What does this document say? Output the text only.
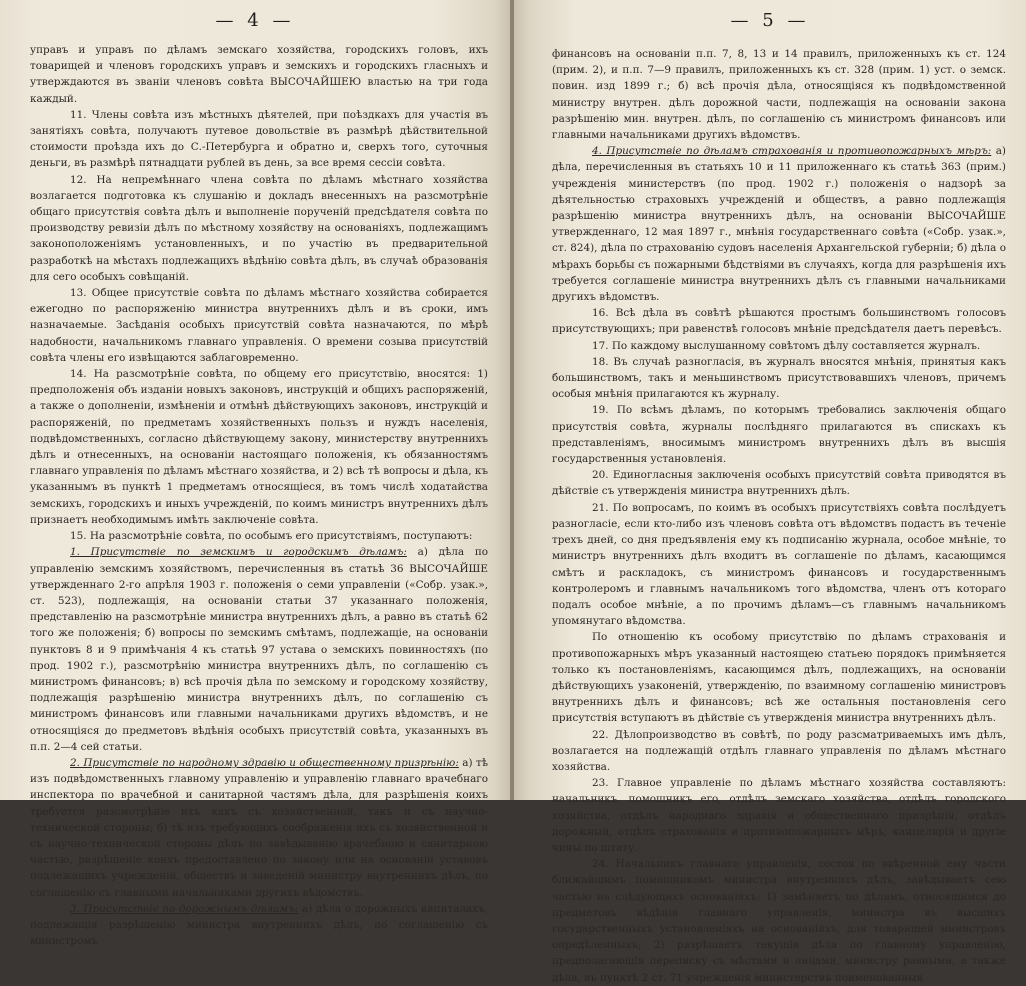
— 4 —

управъ и управъ по дѣламъ земскаго хозяйства, городскихъ головъ, ихъ товарищей и членовъ городскихъ управъ и земскихъ и городскихъ гласныхъ и утверждаются въ званіи членовъ совѣта ВЫСОЧАЙШЕЮ властью на три года каждый.

11. Члены совѣта изъ мѣстныхъ дѣятелей, при поѣздкахъ для участія въ занятіяхъ совѣта, получаютъ путевое довольствіе въ размѣрѣ дѣйствительной стоимости проѣзда ихъ до С.-Петербурга и обратно и, сверхъ того, суточныя деньги, въ размѣрѣ пятнадцати рублей въ день, за все время сессіи совѣта.

12. На непремѣннаго члена совѣта по дѣламъ мѣстнаго хозяйства возлагается подготовка къ слушанію и докладъ внесенныхъ на разсмотрѣніе общаго присутствія совѣта дѣлъ и выполненіе порученій предсѣдателя совѣта по производству ревизіи дѣлъ по мѣстному хозяйству на основаніяхъ, подлежащимъ законоположеніямъ установленныхъ, и по участію въ предварительной разработкѣ на мѣстахъ подлежащихъ вѣдѣнію совѣта дѣлъ, въ случаѣ образованія для сего особыхъ совѣщаній.

13. Общее присутствіе совѣта по дѣламъ мѣстнаго хозяйства собирается ежегодно по распоряженію министра внутреннихъ дѣлъ и въ сроки, имъ назначаемые. Засѣданія особыхъ присутствій совѣта назначаются, по мѣрѣ надобности, начальникомъ главнаго управленія. О времени созыва присутствій совѣта члены его извѣщаются заблаговременно.

14. На разсмотрѣніе совѣта, по общему его присутствію, вносятся: 1) предположенія объ изданіи новыхъ законовъ, инструкцій и общихъ распоряженій, а также о дополненіи, измѣненіи и отмѣнѣ дѣйствующихъ законовъ, инструкцій и распоряженій, по предметамъ хозяйственныхъ пользъ и нуждъ населенія, подвѣдомственныхъ, согласно дѣйствующему закону, министерству внутреннихъ дѣлъ и отнесенныхъ, на основаніи настоящаго положенія, къ обязанностямъ главнаго управленія по дѣламъ мѣстнаго хозяйства, и 2) всѣ тѣ вопросы и дѣла, къ указаннымъ въ пунктѣ 1 предметамъ относящіеся, въ томъ числѣ ходатайства земскихъ, городскихъ и иныхъ учрежденій, по коимъ министръ внутреннихъ дѣлъ признаетъ необходимымъ имѣть заключеніе совѣта.

15. На разсмотрѣніе совѣта, по особымъ его присутствіямъ, поступаютъ:

1. Присутствіе по земскимъ и городскимъ дѣламъ: а) дѣла по управленію земскимъ хозяйствомъ, перечисленныя въ статьѣ 36 ВЫСОЧАЙШЕ утвержденнаго 2-го апрѣля 1903 г. положенія о семи управленіи («Собр. узак.», ст. 523), подлежащія, на основаніи статьи 37 указаннаго положенія, представленію на разсмотрѣніе министра внутреннихъ дѣлъ, а равно въ статьѣ 62 того же положенія; б) вопросы по земскимъ смѣтамъ, подлежащіе, на основаніи пунктовъ 8 и 9 примѣчанія 4 къ статьѣ 97 устава о земскихъ повинностяхъ (по прод. 1902 г.), разсмотрѣнію министра внутреннихъ дѣлъ, по соглашенію съ министромъ финансовъ; в) всѣ прочія дѣла по земскому и городскому хозяйству, подлежащія разрѣшенію министра внутреннихъ дѣлъ, по соглашенію съ министромъ финансовъ или главными начальниками другихъ вѣдомствъ, и не относящіяся до предметовъ вѣдѣнія особыхъ присутствій совѣта, указанныхъ въ п.п. 2—4 сей статьи.

2. Присутствіе по народному здравію и общественному призрѣнію: а) тѣ изъ подвѣдомственныхъ главному управленію и управленію главнаго врачебнаго инспектора по врачебной и санитарной частямъ дѣла, для разрѣшенія коихъ требуется разсмотрѣніе ихъ какъ съ хозяйственной, такъ и съ научно-технической стороны; б) тѣ изъ требующихъ соображенія ихъ съ хозяйственной и съ научно-технической стороны дѣлъ по завѣдыванію врачебною и санитарною частью, разрѣшеніе коихъ предоставлено по закону или на основаніи уставовъ подлежащихъ учрежденій, обществъ и заведеній министру внутреннихъ дѣлъ, по соглашенію съ главными начальниками другихъ вѣдомствъ.

3. Присутствіе по дорожнымъ дѣламъ: а) дѣла о дорожныхъ капиталахъ, подлежащія разрѣшенію министра внутреннихъ дѣлъ, по соглашенію съ министромъ

— 5 —

финансовъ на основаніи п.п. 7, 8, 13 и 14 правилъ, приложенныхъ къ ст. 124 (прим. 2), и п.п. 7—9 правилъ, приложенныхъ къ ст. 328 (прим. 1) уст. о земск. повин. изд 1899 г.; б) всѣ прочія дѣла, относящіяся къ подвѣдомственной министру внутрен. дѣлъ дорожной части, подлежащія на основаніи закона разрѣшенію мин. внутрен. дѣлъ, по соглашенію съ министромъ финансовъ или главными начальниками другихъ вѣдомствъ.

4. Присутствіе по дѣламъ страхованія и противопожарныхъ мѣръ: а) дѣла, перечисленныя въ статьяхъ 10 и 11 приложеннаго къ статьѣ 363 (прим.) учрежденія министерствъ (по прод. 1902 г.) положенія о надзорѣ за дѣятельностью страховыхъ учрежденій и обществъ, а равно подлежащія разрѣшенію министра внутреннихъ дѣлъ, на основаніи ВЫСОЧАЙШЕ утвержденнаго, 12 мая 1897 г., мнѣнія государственнаго совѣта («Собр. узак.», ст. 824), дѣла по страхованію судовъ населенія Архангельской губерніи; б) дѣла о мѣрахъ борьбы съ пожарными бѣдствіями въ случаяхъ, когда для разрѣшенія ихъ требуется соглашеніе министра внутреннихъ дѣлъ съ главными начальниками другихъ вѣдомствъ.

16. Всѣ дѣла въ совѣтѣ рѣшаются простымъ большинствомъ голосовъ присутствующихъ; при равенствѣ голосовъ мнѣніе предсѣдателя даетъ перевѣсъ.

17. По каждому выслушанному совѣтомъ дѣлу составляется журналъ.

18. Въ случаѣ разногласія, въ журналъ вносятся мнѣнія, принятыя какъ большинствомъ, такъ и меньшинствомъ присутствовавшихъ членовъ, причемъ особыя мнѣнія прилагаются къ журналу.

19. По всѣмъ дѣламъ, по которымъ требовались заключенія общаго присутствія совѣта, журналы послѣдняго прилагаются въ спискахъ къ представленіямъ, вносимымъ министромъ внутреннихъ дѣлъ въ высшія государственныя установленія.

20. Единогласныя заключенія особыхъ присутствій совѣта приводятся въ дѣйствіе съ утвержденія министра внутреннихъ дѣлъ.

21. По вопросамъ, по коимъ въ особыхъ присутствіяхъ совѣта послѣдуетъ разногласіе, если кто-либо изъ членовъ совѣта отъ вѣдомствъ подастъ въ теченіе трехъ дней, со дня предъявленія ему къ подписанію журнала, особое мнѣніе, то министръ внутреннихъ дѣлъ входитъ въ соглашеніе по дѣламъ, касающимся смѣтъ и раскладокъ, съ министромъ финансовъ и государственнымъ контролеромъ и главнымъ начальникомъ того вѣдомства, членъ отъ котораго подалъ особое мнѣніе, а по прочимъ дѣламъ—съ главнымъ начальникомъ упомянутаго вѣдомства.

По отношенію къ особому присутствію по дѣламъ страхованія и противопожарныхъ мѣръ указанный настоящею статьею порядокъ примѣняется только къ постановленіямъ, касающимся дѣлъ, подлежащихъ, на основаніи дѣйствующихъ узаконеній, утвержденію, по взаимному соглашенію министровъ внутреннихъ дѣлъ и финансовъ; всѣ же остальныя постановленія сего присутствія вступаютъ въ дѣйствіе съ утвержденія министра внутреннихъ дѣлъ.

22. Дѣлопроизводство въ совѣтѣ, по роду разсматриваемыхъ имъ дѣлъ, возлагается на подлежащій отдѣлъ главнаго управленія по дѣламъ мѣстнаго хозяйства.

23. Главное управленіе по дѣламъ мѣстнаго хозяйства составляютъ: начальникъ, помощникъ его, отдѣлъ земскаго хозяйства, отдѣлъ городского хозяйства, отдѣлъ народнаго здравія и общественнаго призрѣнія, отдѣлъ дорожный, отдѣлъ страхованія и противопожарныхъ мѣръ, канцелярія и другіе чины по штату.

24. Начальникъ главнаго управленія, состоя по ввѣренной ему части ближайшимъ помощникомъ министра внутреннихъ дѣлъ, завѣдываетъ сею частью на слѣдующихъ основаніяхъ: 1) замѣняетъ по дѣламъ, относящимся до предметовъ вѣдѣнія главнаго управленія, министра въ высшихъ государственныхъ установленіяхъ на основаніяхъ, для товарищей министровъ опредѣленныхъ; 2) разрѣшаетъ текущія дѣла по главному управленію, предполагающія переписку съ мѣстами и лицами, министру равными, а также дѣла, въ пунктѣ 2 ст. 71 учрежденія министерствъ поименованныя
